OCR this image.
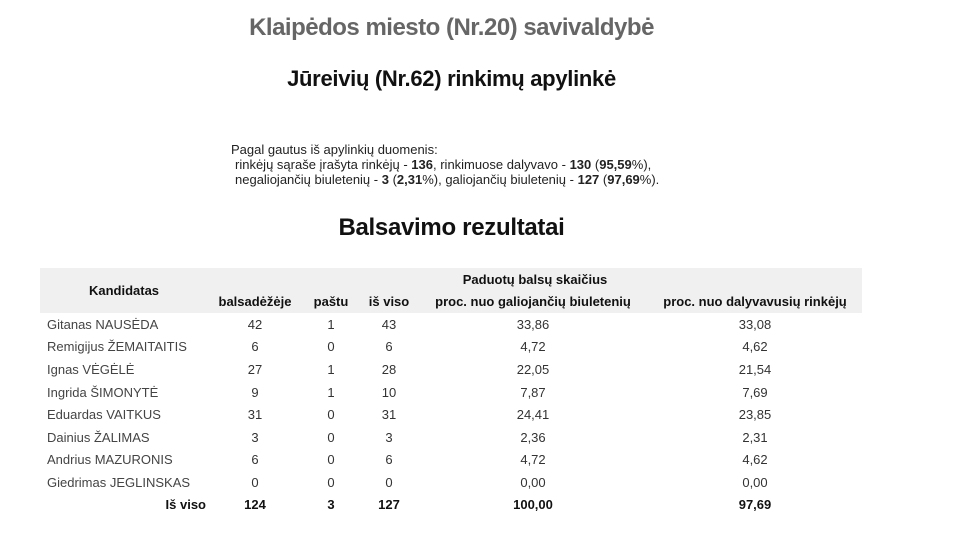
Klaipėdos miesto (Nr.20) savivaldybė
Jūreivių (Nr.62) rinkimų apylinkė
Pagal gautus iš apylinkių duomenis:
rinkėjų sąraše įrašyta rinkėjų - 136, rinkimuose dalyvavo - 130 (95,59%),
negaliojančių biuletenių - 3 (2,31%), galiojančių biuletenių - 127 (97,69%).
Balsavimo rezultatai
Kandidatas	Paduotų balsų skaičius				
	balsadėžėje	paštu	iš viso	proc. nuo galiojančių biuletenių	proc. nuo dalyvavusių rinkėjų
Gitanas NAUSĖDA	42	1	43	33,86	33,08
Remigijus ŽEMAITAITIS	6	0	6	4,72	4,62
Ignas VĖGĖLĖ	27	1	28	22,05	21,54
Ingrida ŠIMONYTĖ	9	1	10	7,87	7,69
Eduardas VAITKUS	31	0	31	24,41	23,85
Dainius ŽALIMAS	3	0	3	2,36	2,31
Andrius MAZURONIS	6	0	6	4,72	4,62
Giedrimas JEGLINSKAS	0	0	0	0,00	0,00
Iš viso	124	3	127	100,00	97,69
